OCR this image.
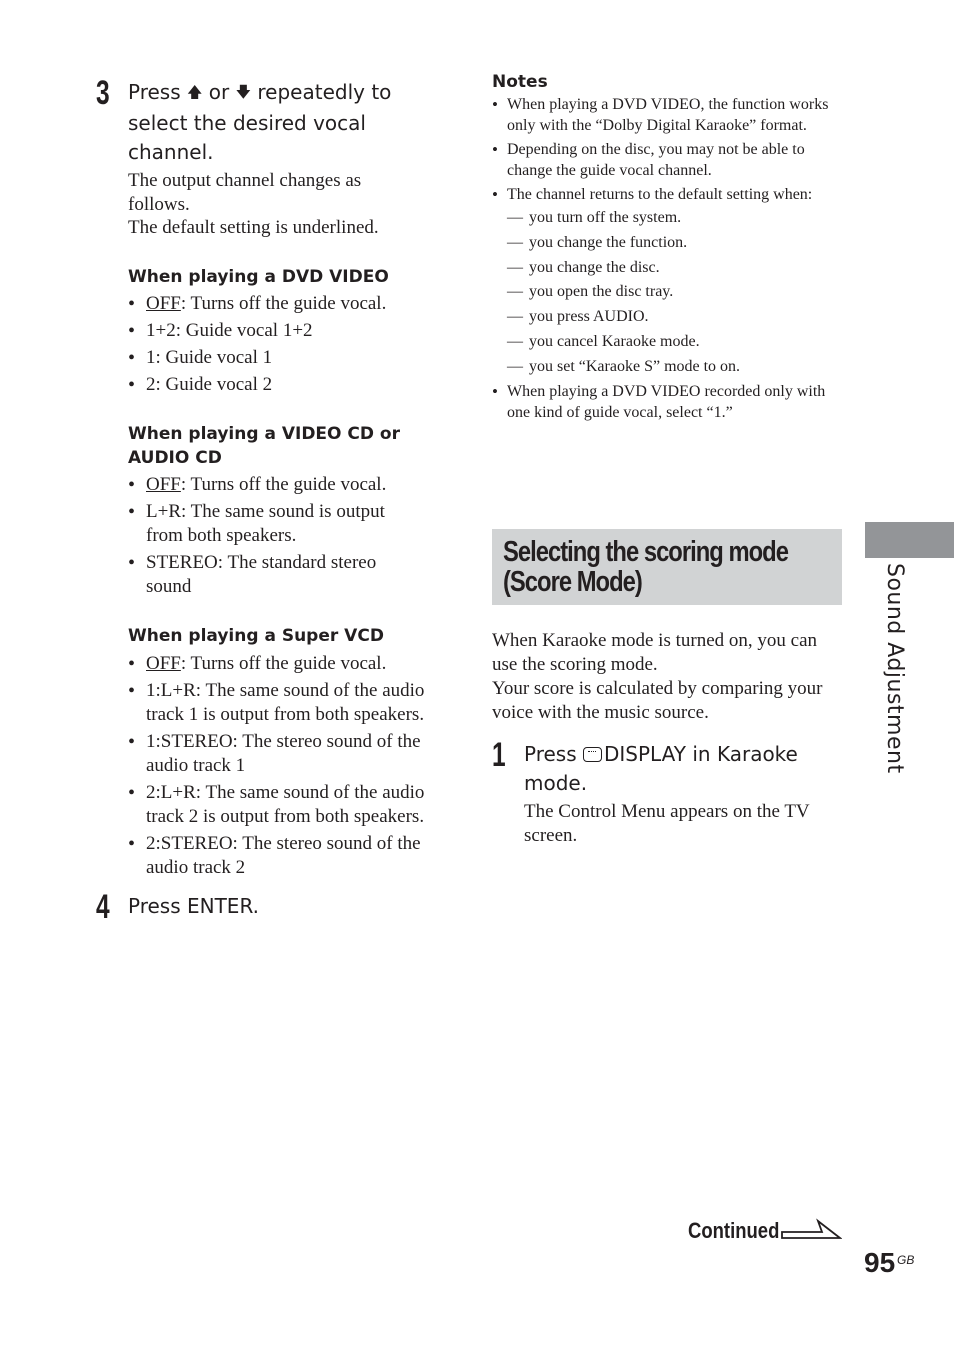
3 Press 🡅 or 🡇 repeatedly to select the desired vocal channel.
The output channel changes as follows.
The default setting is underlined.
When playing a DVD VIDEO
• OFF: Turns off the guide vocal.
• 1+2: Guide vocal 1+2
• 1: Guide vocal 1
• 2: Guide vocal 2
When playing a VIDEO CD or AUDIO CD
• OFF: Turns off the guide vocal.
• L+R: The same sound is output from both speakers.
• STEREO: The standard stereo sound
When playing a Super VCD
• OFF: Turns off the guide vocal.
• 1:L+R: The same sound of the audio track 1 is output from both speakers.
• 1:STEREO: The stereo sound of the audio track 1
• 2:L+R: The same sound of the audio track 2 is output from both speakers.
• 2:STEREO: The stereo sound of the audio track 2
4 Press ENTER.
Notes
• When playing a DVD VIDEO, the function works only with the “Dolby Digital Karaoke” format.
• Depending on the disc, you may not be able to change the guide vocal channel.
• The channel returns to the default setting when:
— you turn off the system.
— you change the function.
— you change the disc.
— you open the disc tray.
— you press AUDIO.
— you cancel Karaoke mode.
— you set “Karaoke S” mode to on.
• When playing a DVD VIDEO recorded only with one kind of guide vocal, select “1.”
Selecting the scoring mode
(Score Mode)
When Karaoke mode is turned on, you can use the scoring mode.
Your score is calculated by comparing your voice with the music source.
1 Press DISPLAY in Karaoke mode.
The Control Menu appears on the TV screen.
Sound Adjustment
Continued
95 GB
